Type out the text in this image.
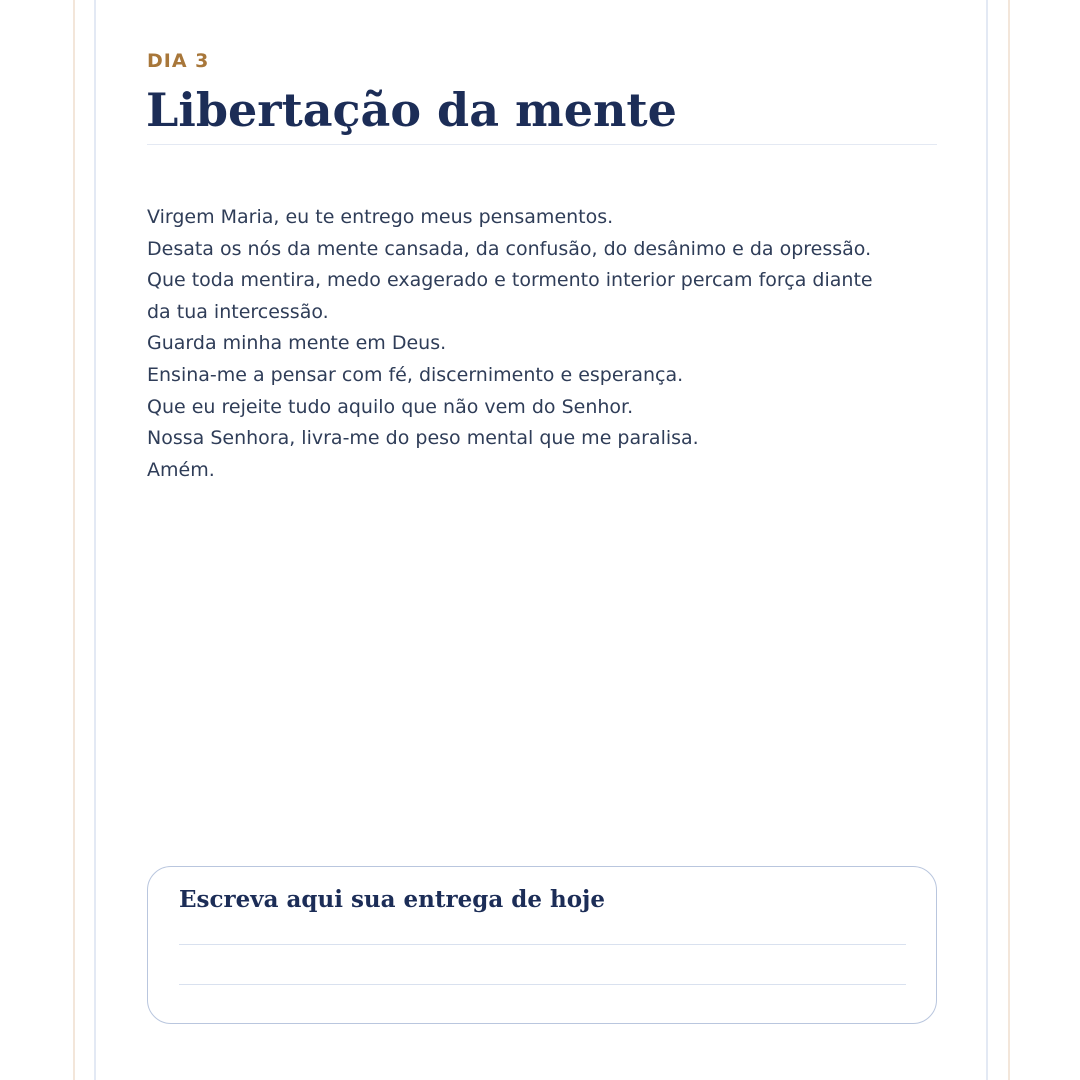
DIA 3
Libertação da mente
Virgem Maria, eu te entrego meus pensamentos.
Desata os nós da mente cansada, da confusão, do desânimo e da opressão.
Que toda mentira, medo exagerado e tormento interior percam força diante
da tua intercessão.
Guarda minha mente em Deus.
Ensina-me a pensar com fé, discernimento e esperança.
Que eu rejeite tudo aquilo que não vem do Senhor.
Nossa Senhora, livra-me do peso mental que me paralisa.
Amém.
Escreva aqui sua entrega de hoje
